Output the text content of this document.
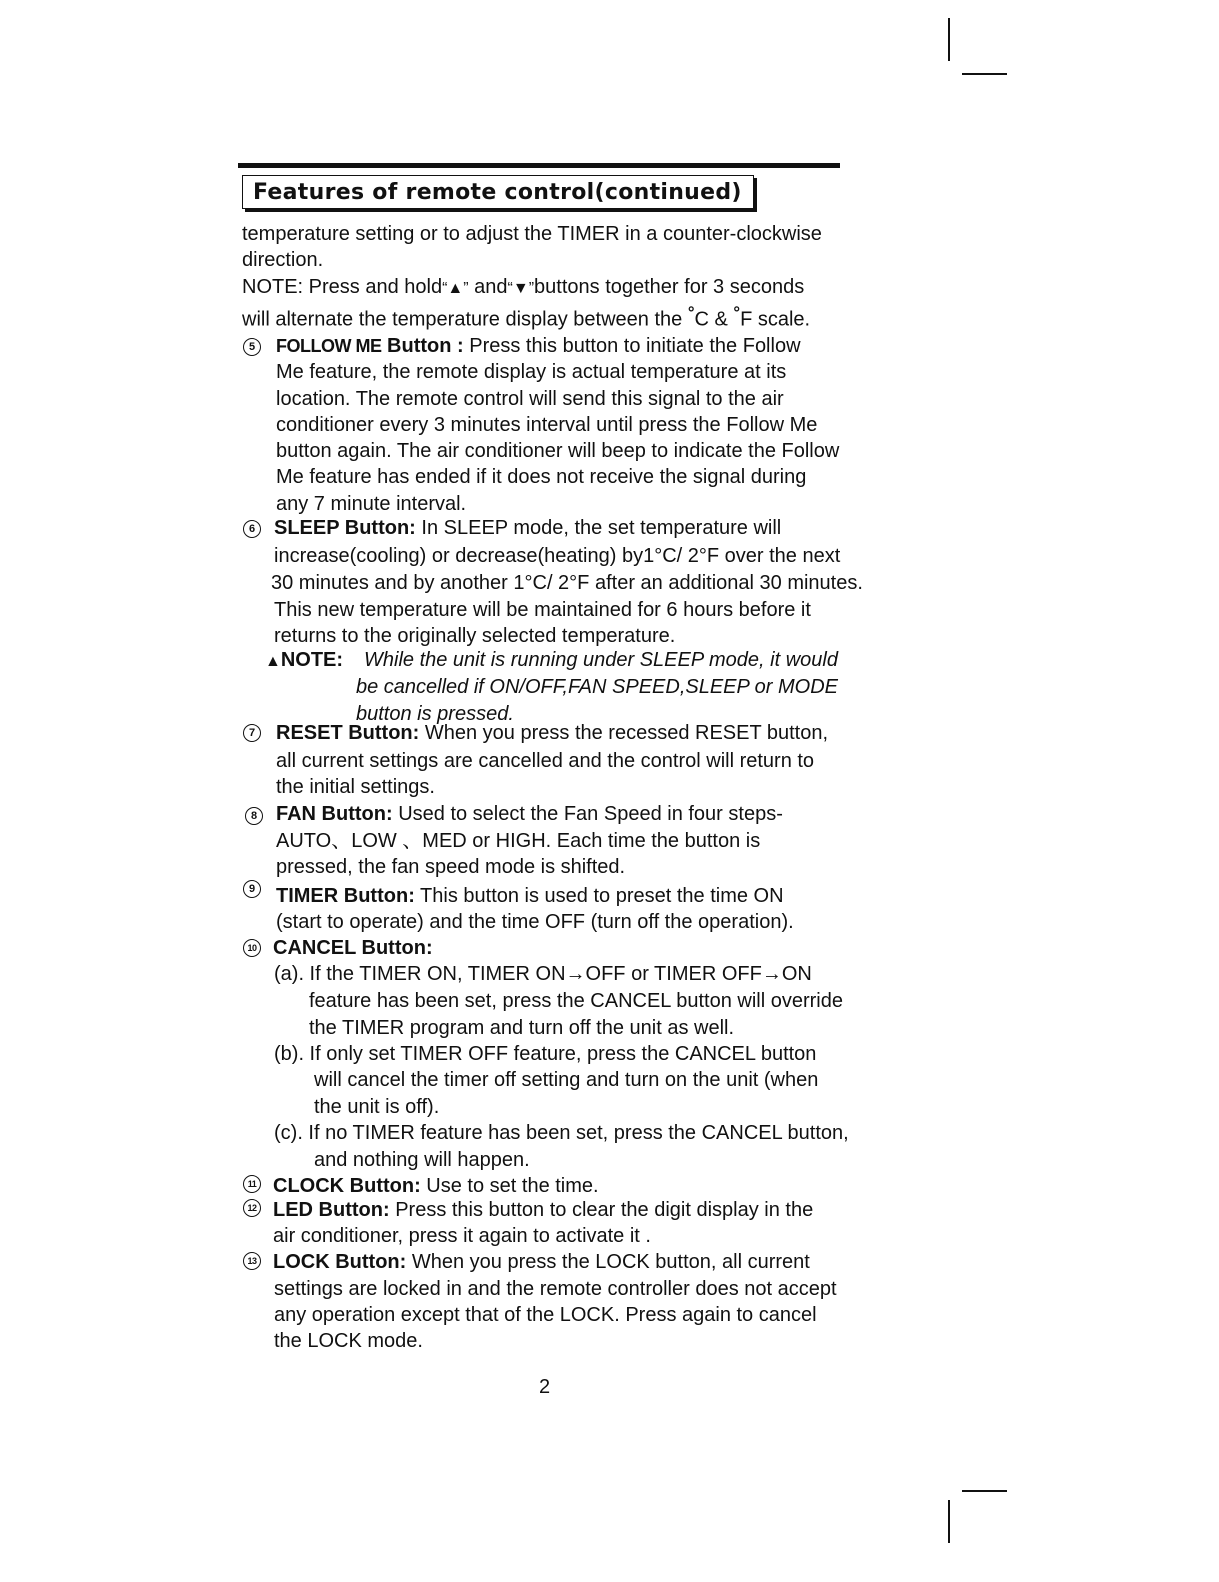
Features of remote control(continued)
temperature setting or to adjust the TIMER in a counter-clockwise
direction.
NOTE: Press and hold“▲” and“▼”buttons together for 3 seconds
will alternate the temperature display between the °C & °F scale.
5	FOLLOW ME Button : Press this button to initiate the Follow
Me feature, the remote display is actual temperature at its
location. The remote control will send this signal to the air
conditioner every 3 minutes interval until press the Follow Me
button again. The air conditioner will beep to indicate the Follow
Me feature has ended if it does not receive the signal during
any 7 minute interval.
6 SLEEP Button: In SLEEP mode, the set temperature will
increase(cooling) or decrease(heating) by1°C/ 2°F over the next
30 minutes and by another 1°C/ 2°F after an additional 30 minutes.
This new temperature will be maintained for 6 hours before it
returns to the originally selected temperature.
▲NOTE: While the unit is running under SLEEP mode, it would
be cancelled if ON/OFF,FAN SPEED,SLEEP or MODE
button is pressed.
7 RESET Button: When you press the recessed RESET button,
all current settings are cancelled and the control will return to
the initial settings.
8 FAN Button: Used to select the Fan Speed in four steps-
AUTO、LOW 、MED or HIGH. Each time the button is
pressed, the fan speed mode is shifted.
9 TIMER Button: This button is used to preset the time ON
(start to operate) and the time OFF (turn off the operation).
10 CANCEL Button:
(a). If the TIMER ON, TIMER ON→OFF or TIMER OFF→ON
feature has been set, press the CANCEL button will override
the TIMER program and turn off the unit as well.
(b). If only set TIMER OFF feature, press the CANCEL button
will cancel the timer off setting and turn on the unit (when
the unit is off).
(c). If no TIMER feature has been set, press the CANCEL button,
and nothing will happen.
11 CLOCK Button: Use to set the time.
12 LED Button: Press this button to clear the digit display in the
air conditioner, press it again to activate it .
13 LOCK Button: When you press the LOCK button, all current
settings are locked in and the remote controller does not accept
any operation except that of the LOCK. Press again to cancel
the LOCK mode.
2
